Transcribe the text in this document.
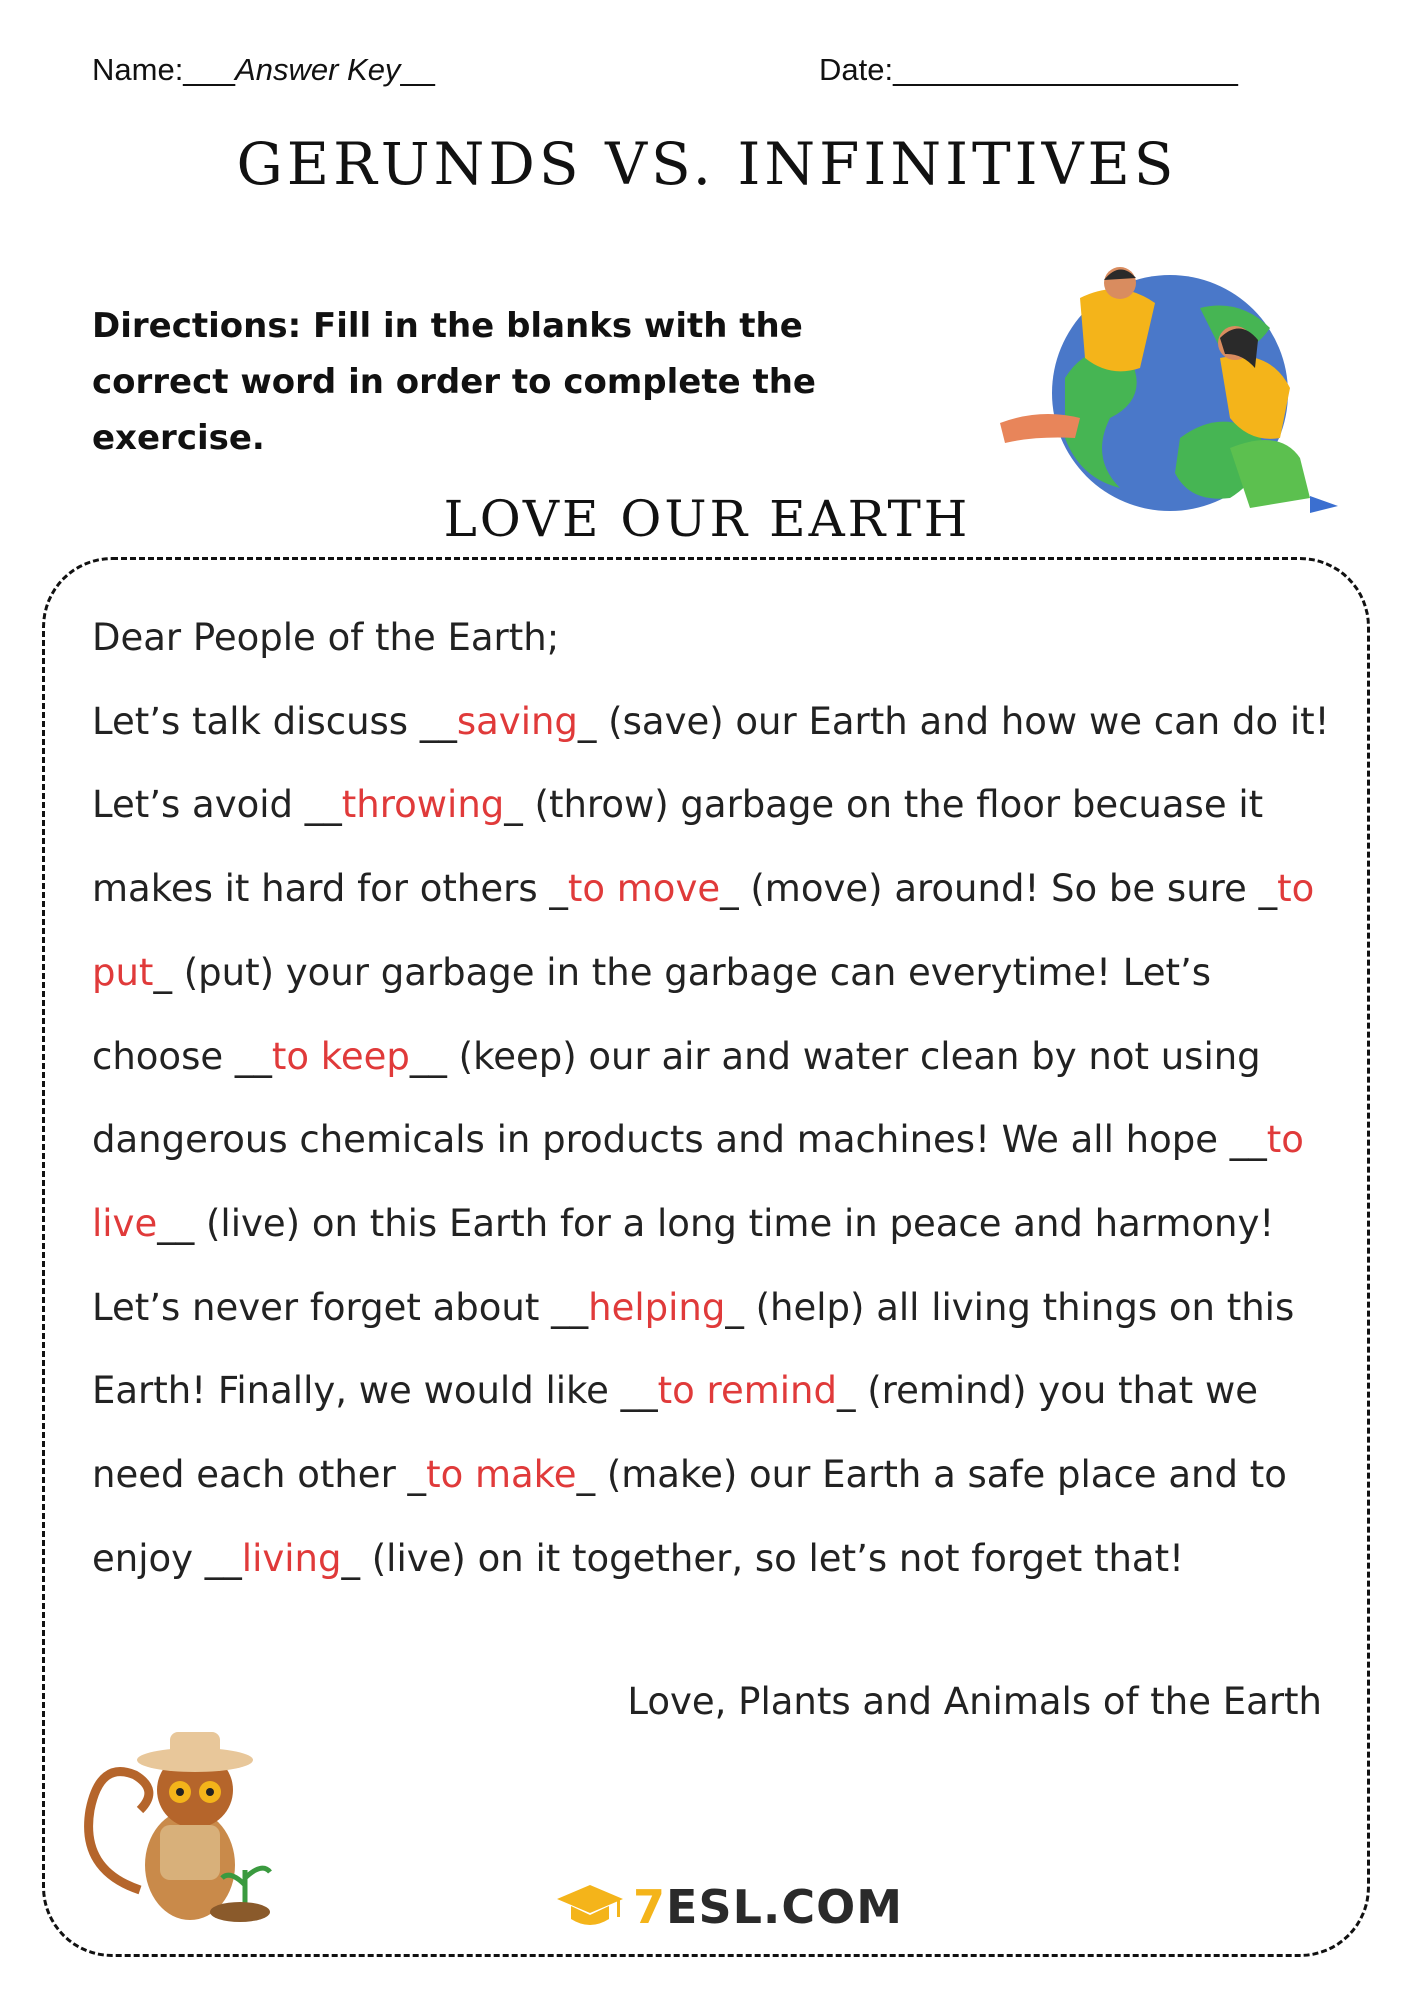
Name:___Answer Key__	Date:____________________
GERUNDS VS. INFINITIVES
Directions: Fill in the blanks with the correct word in order to complete the exercise.
LOVE OUR EARTH

Dear People of the Earth;

Let’s talk discuss __saving_ (save) our Earth and how we can do it! Let’s avoid __throwing_ (throw) garbage on the floor becuase it makes it hard for others _to move_ (move) around! So be sure _to put_ (put) your garbage in the garbage can everytime! Let’s choose __to keep__ (keep) our air and water clean by not using dangerous chemicals in products and machines! We all hope __to live__ (live) on this Earth for a long time in peace and harmony! Let’s never forget about __helping_ (help) all living things on this Earth! Finally, we would like __to remind_ (remind) you that we need each other _to make_ (make) our Earth a safe place and to enjoy __living_ (live) on it together, so let’s not forget that!

Love, Plants and Animals of the Earth
7ESL.COM
